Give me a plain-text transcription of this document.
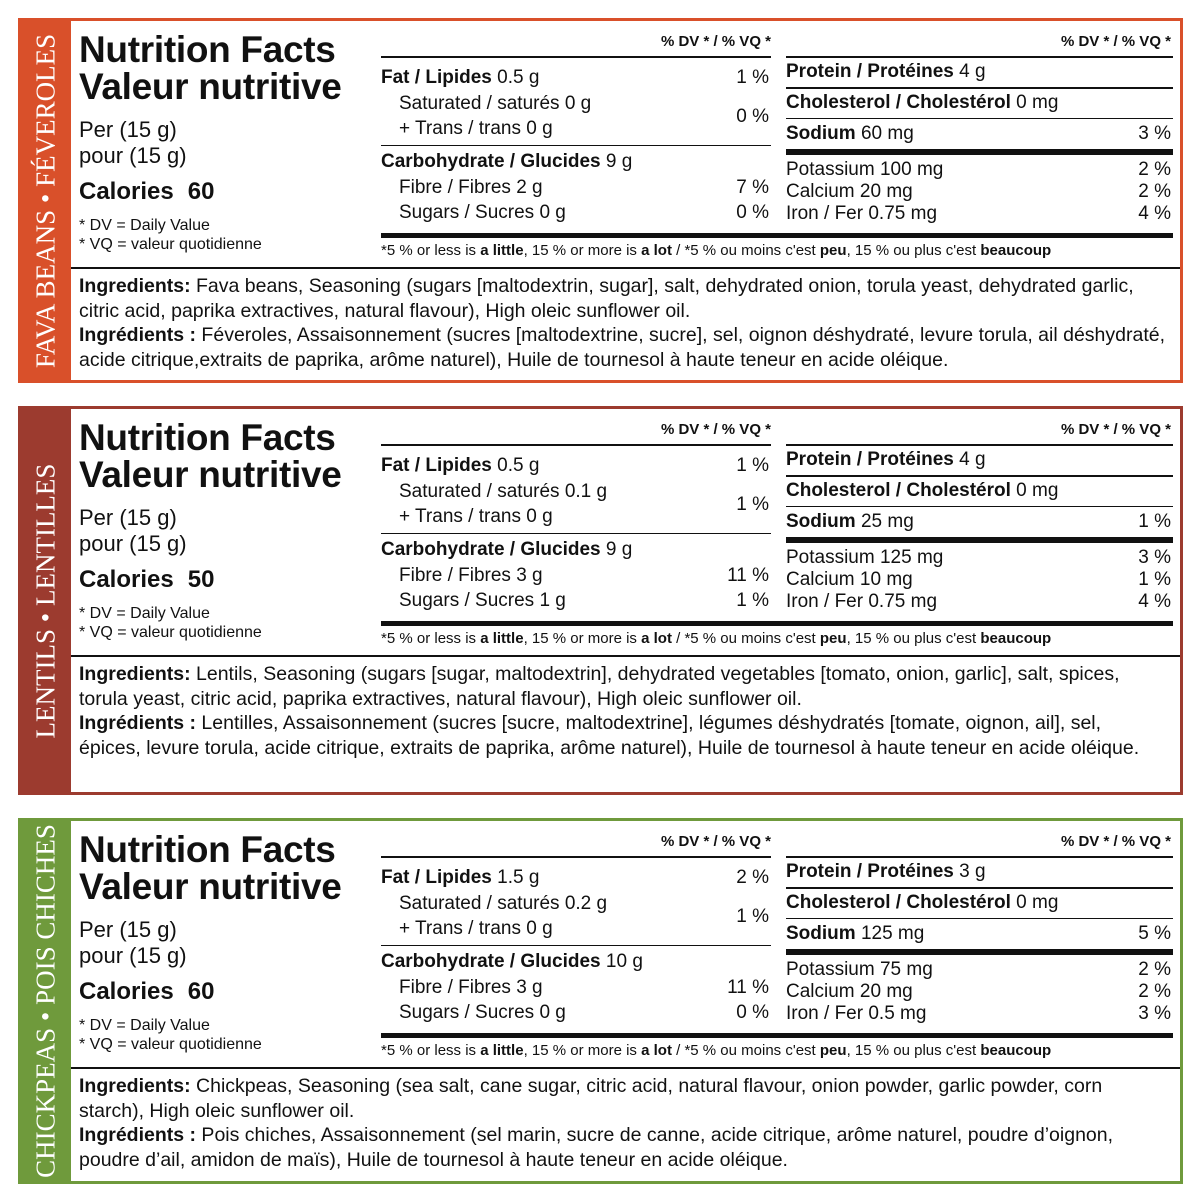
FAVA BEANS • FÉVEROLES Nutrition Facts
Valeur nutritive
Per (15 g)
pour (15 g)
Calories 60
* DV = Daily Value
* VQ = valeur quotidienne
% DV * / % VQ *
Fat / Lipides 0.5 g	1 %
Saturated / saturés 0 g
+ Trans / trans 0 g
0 %
Carbohydrate / Glucides 9 g
Fibre / Fibres 2 g	7 %
Sugars / Sucres 0 g	0 %
% DV * / % VQ *
Protein / Protéines 4 g
Cholesterol / Cholestérol 0 mg
Sodium 60 mg	3 %
Potassium 100 mg	2 %
Calcium 20 mg	2 %
Iron / Fer 0.75 mg	4 %
*5 % or less is a little, 15 % or more is a lot / *5 % ou moins c'est peu, 15 % ou plus c'est beaucoup
Ingredients: Fava beans, Seasoning (sugars [maltodextrin, sugar], salt, dehydrated onion, torula yeast, dehydrated garlic, citric acid, paprika extractives, natural flavour), High oleic sunflower oil.
Ingrédients : Féveroles, Assaisonnement (sucres [maltodextrine, sucre], sel, oignon déshydraté, levure torula, ail déshydraté, acide citrique,extraits de paprika, arôme naturel), Huile de tournesol à haute teneur en acide oléique.
LENTILS • LENTILLES
Nutrition Facts
Valeur nutritive
Per (15 g)
pour (15 g)
Calories 50
* DV = Daily Value
* VQ = valeur quotidienne
% DV * / % VQ *
Fat / Lipides 0.5 g	1 %
Saturated / saturés 0.1 g
+ Trans / trans 0 g
1 %
Carbohydrate / Glucides 9 g
Fibre / Fibres 3 g	11 %
Sugars / Sucres 1 g	1 %
% DV * / % VQ *
Protein / Protéines 4 g
Cholesterol / Cholestérol 0 mg
Sodium 25 mg	1 %
Potassium 125 mg	3 %
Calcium 10 mg	1 %
Iron / Fer 0.75 mg	4 %
*5 % or less is a little, 15 % or more is a lot / *5 % ou moins c'est peu, 15 % ou plus c'est beaucoup
Ingredients: Lentils, Seasoning (sugars [sugar, maltodextrin], dehydrated vegetables [tomato, onion, garlic], salt, spices, torula yeast, citric acid, paprika extractives, natural flavour), High oleic sunflower oil.
Ingrédients : Lentilles, Assaisonnement (sucres [sucre, maltodextrine], légumes déshydratés [tomate, oignon, ail], sel, épices, levure torula, acide citrique, extraits de paprika, arôme naturel), Huile de tournesol à haute teneur en acide oléique.
CHICKPEAS • POIS CHICHES Nutrition Facts
Valeur nutritive
Per (15 g)
pour (15 g)
Calories 60
* DV = Daily Value
* VQ = valeur quotidienne
% DV * / % VQ *
Fat / Lipides 1.5 g	2 %
Saturated / saturés 0.2 g
+ Trans / trans 0 g
1 %
Carbohydrate / Glucides 10 g
Fibre / Fibres 3 g	11 %
Sugars / Sucres 0 g	0 %
% DV * / % VQ *
Protein / Protéines 3 g
Cholesterol / Cholestérol 0 mg
Sodium 125 mg	5 %
Potassium 75 mg	2 %
Calcium 20 mg	2 %
Iron / Fer 0.5 mg	3 %
*5 % or less is a little, 15 % or more is a lot / *5 % ou moins c'est peu, 15 % ou plus c'est beaucoup
Ingredients: Chickpeas, Seasoning (sea salt, cane sugar, citric acid, natural flavour, onion powder, garlic powder, corn starch), High oleic sunflower oil.
Ingrédients : Pois chiches, Assaisonnement (sel marin, sucre de canne, acide citrique, arôme naturel, poudre d’oignon, poudre d’ail, amidon de maïs), Huile de tournesol à haute teneur en acide oléique.
